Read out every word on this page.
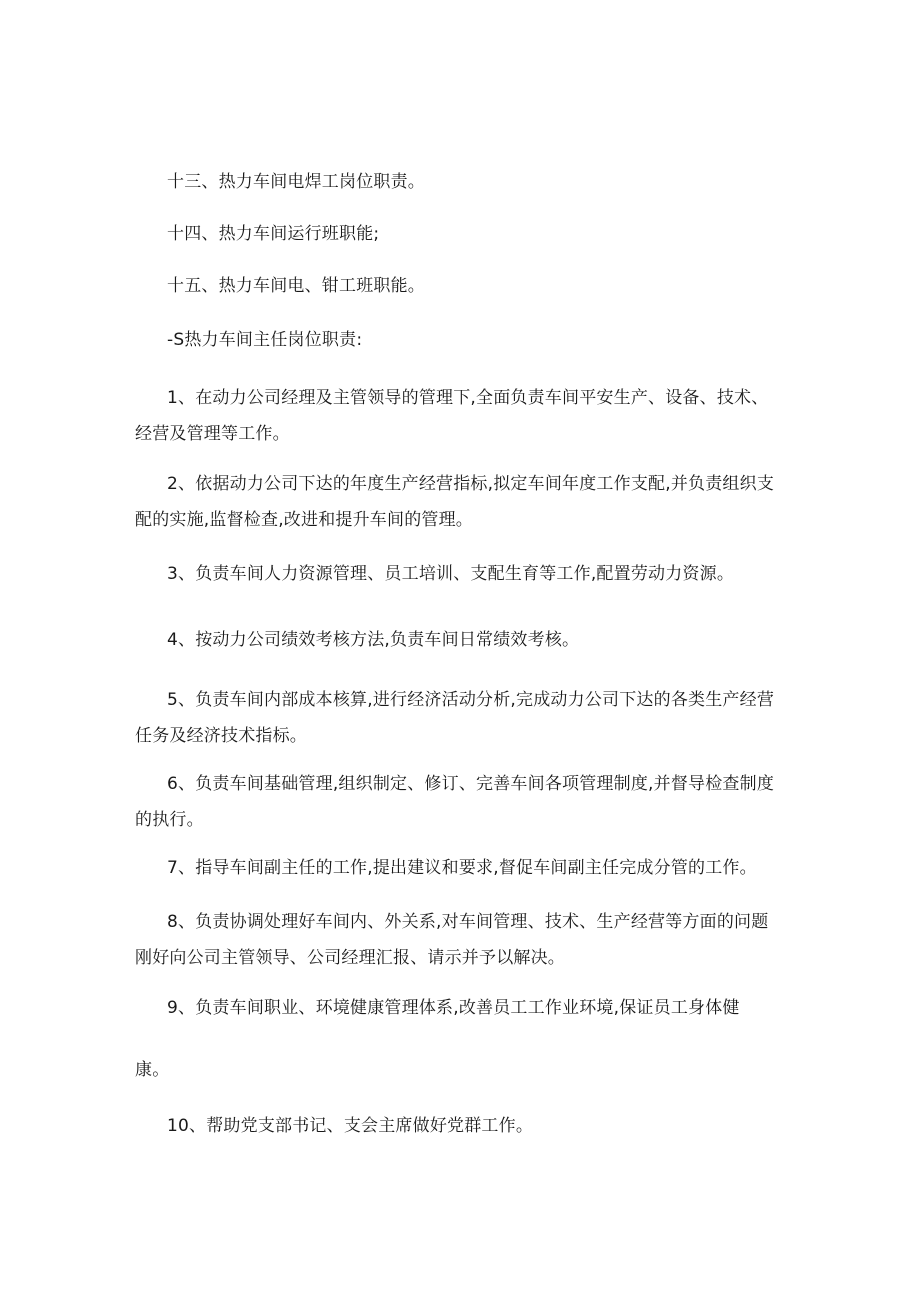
十三、热力车间电焊工岗位职责。
十四、热力车间运行班职能;
十五、热力车间电、钳工班职能。
-S热力车间主任岗位职责:
1、在动力公司经理及主管领导的管理下,全面负责车间平安生产、设备、技术、经营及管理等工作。
2、依据动力公司下达的年度生产经营指标,拟定车间年度工作支配,并负责组织支配的实施,监督检查,改进和提升车间的管理。
3、负责车间人力资源管理、员工培训、支配生育等工作,配置劳动力资源。
4、按动力公司绩效考核方法,负责车间日常绩效考核。
5、负责车间内部成本核算,进行经济活动分析,完成动力公司下达的各类生产经营任务及经济技术指标。
6、负责车间基础管理,组织制定、修订、完善车间各项管理制度,并督导检查制度的执行。
7、指导车间副主任的工作,提出建议和要求,督促车间副主任完成分管的工作。
8、负责协调处理好车间内、外关系,对车间管理、技术、生产经营等方面的问题刚好向公司主管领导、公司经理汇报、请示并予以解决。
9、负责车间职业、环境健康管理体系,改善员工工作业环境,保证员工身体健
康。
10、帮助党支部书记、支会主席做好党群工作。
